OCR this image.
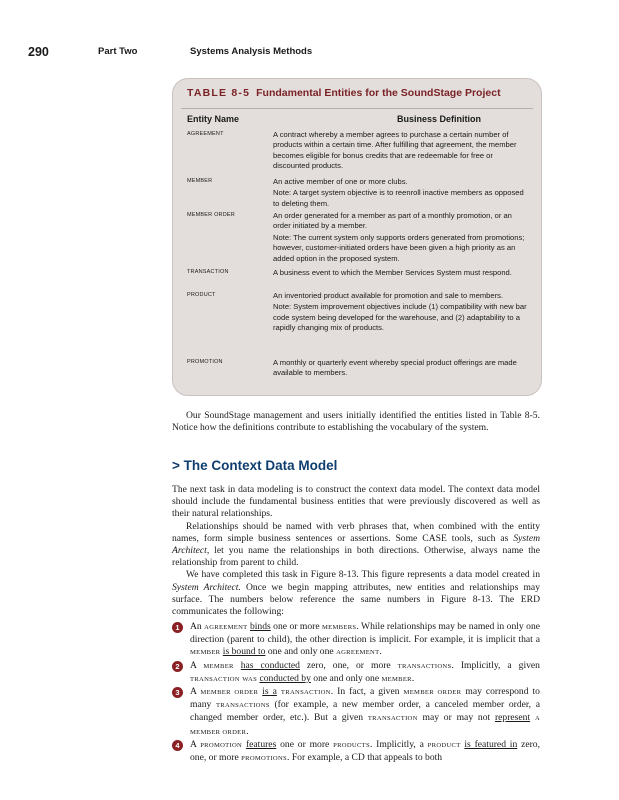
290	Part Two	Systems Analysis Methods
TABLE 8-5 Fundamental Entities for the SoundStage Project
Entity Name	Business Definition
AGREEMENT	A contract whereby a member agrees to purchase a certain number of products within a certain time. After fulfilling that agreement, the member becomes eligible for bonus credits that are redeemable for free or discounted products.

MEMBER	An active member of one or more clubs.

Note: A target system objective is to reenroll inactive members as opposed to deleting them.

MEMBER ORDER	An order generated for a member as part of a monthly promotion, or an order initiated by a member.

Note: The current system only supports orders generated from promotions; however, customer-initiated orders have been given a high priority as an added option in the proposed system.

TRANSACTION	A business event to which the Member Services System must respond.

PRODUCT	An inventoried product available for promotion and sale to members.

Note: System improvement objectives include (1) compatibility with new bar code system being developed for the warehouse, and (2) adaptability to a rapidly changing mix of products.

PROMOTION	A monthly or quarterly event whereby special product offerings are made available to members.

Our SoundStage management and users initially identified the entities listed in Table 8-5. Notice how the definitions contribute to establishing the vocabulary of the system.

> The Context Data Model

The next task in data modeling is to construct the context data model. The context data model should include the fundamental business entities that were previously discovered as well as their natural relationships.

Relationships should be named with verb phrases that, when combined with the entity names, form simple business sentences or assertions. Some CASE tools, such as System Architect, let you name the relationships in both directions. Otherwise, always name the relationship from parent to child.

We have completed this task in Figure 8-13. This figure represents a data model created in System Architect. Once we begin mapping attributes, new entities and relationships may surface. The numbers below reference the same numbers in Figure 8-13. The ERD communicates the following:

1	An AGREEMENT binds one or more MEMBERS. While relationships may be named in only one direction (parent to child), the other direction is implicit. For example, it is implicit that a MEMBER is bound to one and only one AGREEMENT.
2	A MEMBER has conducted zero, one, or more TRANSACTIONS. Implicitly, a given TRANSACTION WAS conducted by one and only one MEMBER.
3	A MEMBER ORDER is a TRANSACTION. In fact, a given MEMBER ORDER may correspond to many TRANSACTIONS (for example, a new member order, a canceled member order, a changed member order, etc.). But a given TRANSACTION may or may not represent A MEMBER ORDER.
4	A PROMOTION features one or more PRODUCTS. Implicitly, a PRODUCT is featured in zero, one, or more PROMOTIONS. For example, a CD that appeals to both
